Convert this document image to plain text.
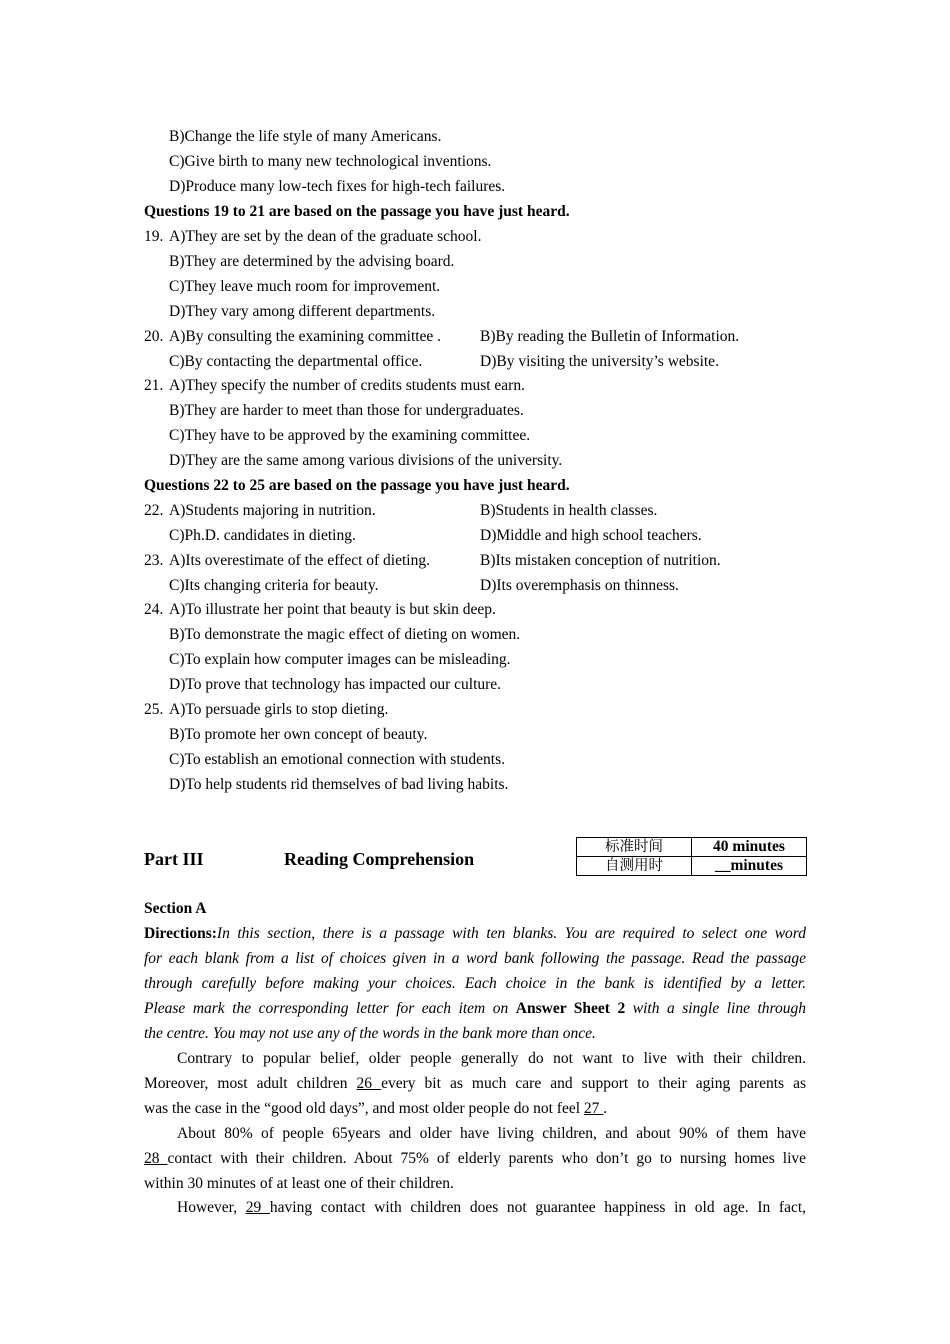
B)Change the life style of many Americans.
C)Give birth to many new technological inventions.
D)Produce many low-tech fixes for high-tech failures.
Questions 19 to 21 are based on the passage you have just heard.
19. A)They are set by the dean of the graduate school.
B)They are determined by the advising board.
C)They leave much room for improvement.
D)They vary among different departments.
20. A)By consulting the examining committee .	B)By reading the Bulletin of Information.
C)By contacting the departmental office.	D)By visiting the university’s website.
21. A)They specify the number of credits students must earn.
B)They are harder to meet than those for undergraduates.
C)They have to be approved by the examining committee.
D)They are the same among various divisions of the university.
Questions 22 to 25 are based on the passage you have just heard.
22. A)Students majoring in nutrition.	B)Students in health classes.
C)Ph.D. candidates in dieting.	D)Middle and high school teachers.
23. A)Its overestimate of the effect of dieting.	B)Its mistaken conception of nutrition.
C)Its changing criteria for beauty.	D)Its overemphasis on thinness.
24. A)To illustrate her point that beauty is but skin deep.
B)To demonstrate the magic effect of dieting on women.
C)To explain how computer images can be misleading.
D)To prove that technology has impacted our culture.
25. A)To persuade girls to stop dieting.
B)To promote her own concept of beauty.
C)To establish an emotional connection with students.
D)To help students rid themselves of bad living habits.
Part III	Reading Comprehension
标准时间	40 minutes
自测用时	__minutes
Section A
Directions:In this section, there is a passage with ten blanks. You are required to select one word
for each blank from a list of choices given in a word bank following the passage. Read the passage
through carefully before making your choices. Each choice in the bank is identified by a letter.
Please mark the corresponding letter for each item on Answer Sheet 2 with a single line through
the centre. You may not use any of the words in the bank more than once.
Contrary to popular belief, older people generally do not want to live with their children.
Moreover, most adult children 26 every bit as much care and support to their aging parents as
was the case in the “good old days”, and most older people do not feel 27 .
About 80% of people 65years and older have living children, and about 90% of them have
28 contact with their children. About 75% of elderly parents who don’t go to nursing homes live
within 30 minutes of at least one of their children.
However, 29 having contact with children does not guarantee happiness in old age. In fact,
